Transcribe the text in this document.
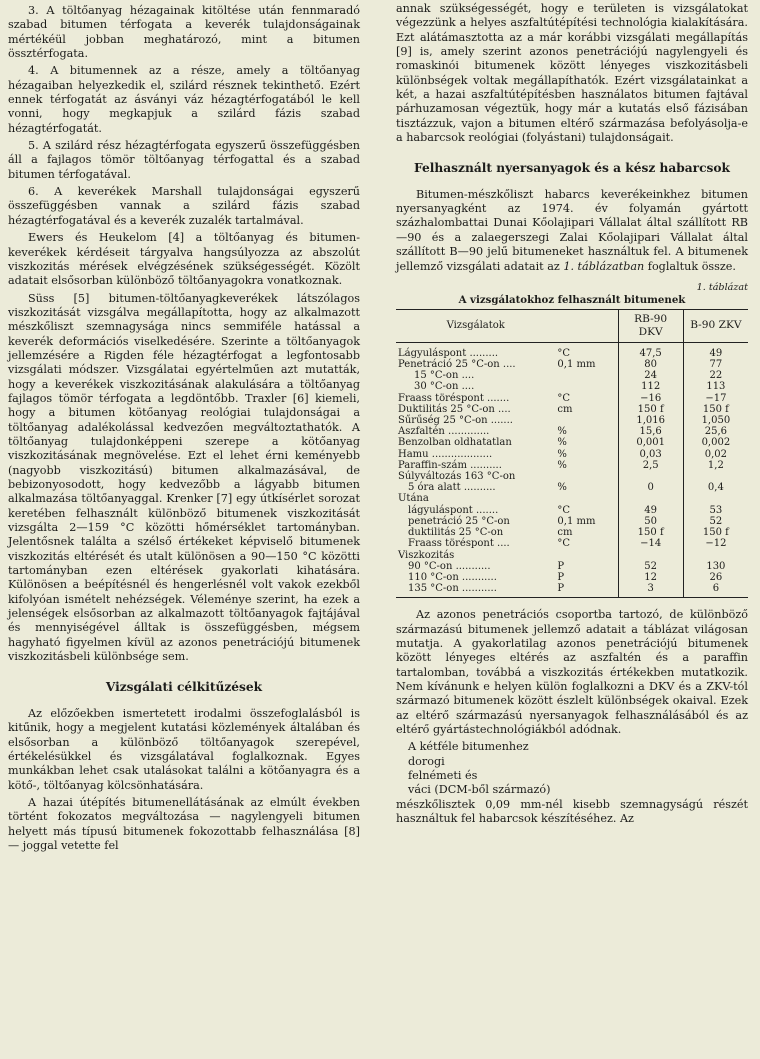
3. A töltőanyag hézagainak kitöltése után fennmaradó szabad bitumen térfogata a keverék tulajdonságainak mértékéül jobban meghatározó, mint a bitumen össztérfogata.

4. A bitumennek az a része, amely a töltőanyag hézagaiban helyezkedik el, szilárd résznek tekinthető. Ezért ennek térfogatát az ásványi váz hézagtérfogatából le kell vonni, hogy megkapjuk a szilárd fázis szabad hézagtérfogatát.

5. A szilárd rész hézagtérfogata egyszerű összefüggésben áll a fajlagos tömör töltőanyag térfogattal és a szabad bitumen térfogatával.

6. A keverékek Marshall tulajdonságai egyszerű összefüggésben vannak a szilárd fázis szabad hézagtérfogatával és a keverék zuzalék tartalmával.

Ewers és Heukelom [4] a töltőanyag és bitumen-keverékek kérdéseit tárgyalva hangsúlyozza az abszolút viszkozitás mérések elvégzésének szükségességét. Közölt adatait elsősorban különböző töltőanyagokra vonatkoznak.

Süss [5] bitumen-töltőanyagkeverékek látszólagos viszkozitását vizsgálva megállapította, hogy az alkalmazott mészkőliszt szemnagysága nincs semmiféle hatással a keverék deformációs viselkedésére. Szerinte a töltőanyagok jellemzésére a Rigden féle hézagtérfogat a legfontosabb vizsgálati módszer. Vizsgálatai egyértelműen azt mutatták, hogy a keverékek viszkozitásának alakulására a töltőanyag fajlagos tömör térfogata a legdöntőbb. Traxler [6] kiemeli, hogy a bitumen kötőanyag reológiai tulajdonságai a töltőanyag adalékolással kedvezően megváltoztathatók. A töltőanyag tulajdonképpeni szerepe a kötőanyag viszkozitásának megnövelése. Ezt el lehet érni keményebb (nagyobb viszkozitású) bitumen alkalmazásával, de bebizonyosodott, hogy kedvezőbb a lágyabb bitumen alkalmazása töltőanyaggal. Krenker [7] egy útkísérlet sorozat keretében felhasznált különböző bitumenek viszkozitását vizsgálta 2—159 °C közötti hőmérséklet tartományban. Jelentősnek találta a szélső értékeket képviselő bitumenek viszkozitás eltérését és utalt különösen a 90—150 °C közötti tartományban ezen eltérések gyakorlati kihatására. Különösen a beépítésnél és hengerlésnél volt vakok ezekből kifolyóan ismételt nehézségek. Véleménye szerint, ha ezek a jelenségek elsősorban az alkalmazott töltőanyagok fajtájával és mennyiségével álltak is összefüggésben, mégsem hagyható figyelmen kívül az azonos penetrációjú bitumenek viszkozitásbeli különbsége sem.

Vizsgálati célkitűzések

Az előzőekben ismertetett irodalmi összefoglalásból is kitűnik, hogy a megjelent kutatási közlemények általában és elsősorban a különböző töltőanyagok szerepével, értékelésükkel és vizsgálatával foglalkoznak. Egyes munkákban lehet csak utalásokat találni a kötőanyagra és a kötő-, töltőanyag kölcsönhatására.

A hazai útépítés bitumenellátásának az elmúlt években történt fokozatos megváltozása — nagylengyeli bitumen helyett más típusú bitumenek fokozottabb felhasználása [8] — joggal vetette fel

annak szükségességét, hogy e területen is vizsgálatokat végezzünk a helyes aszfaltútépítési technológia kialakítására. Ezt alátámasztotta az a már korábbi vizsgálati megállapítás [9] is, amely szerint azonos penetrációjú nagylengyeli és romaskinói bitumenek között lényeges viszkozitásbeli különbségek voltak megállapíthatók. Ezért vizsgálatainkat a két, a hazai aszfaltútépítésben használatos bitumen fajtával párhuzamosan végeztük, hogy már a kutatás első fázisában tisztázzuk, vajon a bitumen eltérő származása befolyásolja-e a habarcsok reológiai (folyástani) tulajdonságait.

Felhasznált nyersanyagok és a kész habarcsok

Bitumen-mészkőliszt habarcs keverékeinkhez bitumen nyersanyagként az 1974. év folyamán gyártott százhalombattai Dunai Kőolajipari Vállalat által szállított RB—90 és a zalaegerszegi Zalai Kőolajipari Vállalat által szállított B—90 jelű bitumeneket használtuk fel. A bitumenek jellemző vizsgálati adatait az 1. táblázatban foglaltuk össze.

1. táblázat
A vizsgálatokhoz felhasznált bitumenek
Vizsgálatok		RB-90 DKV	B-90 ZKV
Lágyuláspont .........	°C	47,5	49
Penetráció 25 °C-on ....	0,1 mm	80	77
15 °C-on ....		24	22
30 °C-on ....		112	113
Fraass töréspont .......	°C	−16	−17
Duktilitás 25 °C-on ....	cm	150 f	150 f
Sűrűség 25 °C-on .......		1,016	1,050
Aszfaltén .............	%	15,6	25,6
Benzolban oldhatatlan	%	0,001	0,002
Hamu ...................	%	0,03	0,02
Paraffin-szám ..........	%	2,5	1,2
Súlyváltozás 163 °C-on			
5 óra alatt ..........	%	0	0,4
Utána			
lágyuláspont .......	°C	49	53
penetráció 25 °C-on	0,1 mm	50	52
duktilitás 25 °C-on	cm	150 f	150 f
Fraass töréspont ....	°C	−14	−12
Viszkozitás			
90 °C-on ...........	P	52	130
110 °C-on ...........	P	12	26
135 °C-on ...........	P	3	6

Az azonos penetrációs csoportba tartozó, de különböző származású bitumenek jellemző adatait a táblázat világosan mutatja. A gyakorlatilag azonos penetrációjú bitumenek között lényeges eltérés az aszfaltén és a paraffin tartalomban, továbbá a viszkozitás értékekben mutatkozik. Nem kívánunk e helyen külön foglalkozni a DKV és a ZKV-tól származó bitumenek között észlelt különbségek okaival. Ezek az eltérő származású nyersanyagok felhasználásából és az eltérő gyártástechnológiákból adódnak.

A kétféle bitumenhez
dorogi
felnémeti és
váci (DCM-ből származó)

mészkőlisztek 0,09 mm-nél kisebb szemnagyságú részét használtuk fel habarcsok készítéséhez. Az
